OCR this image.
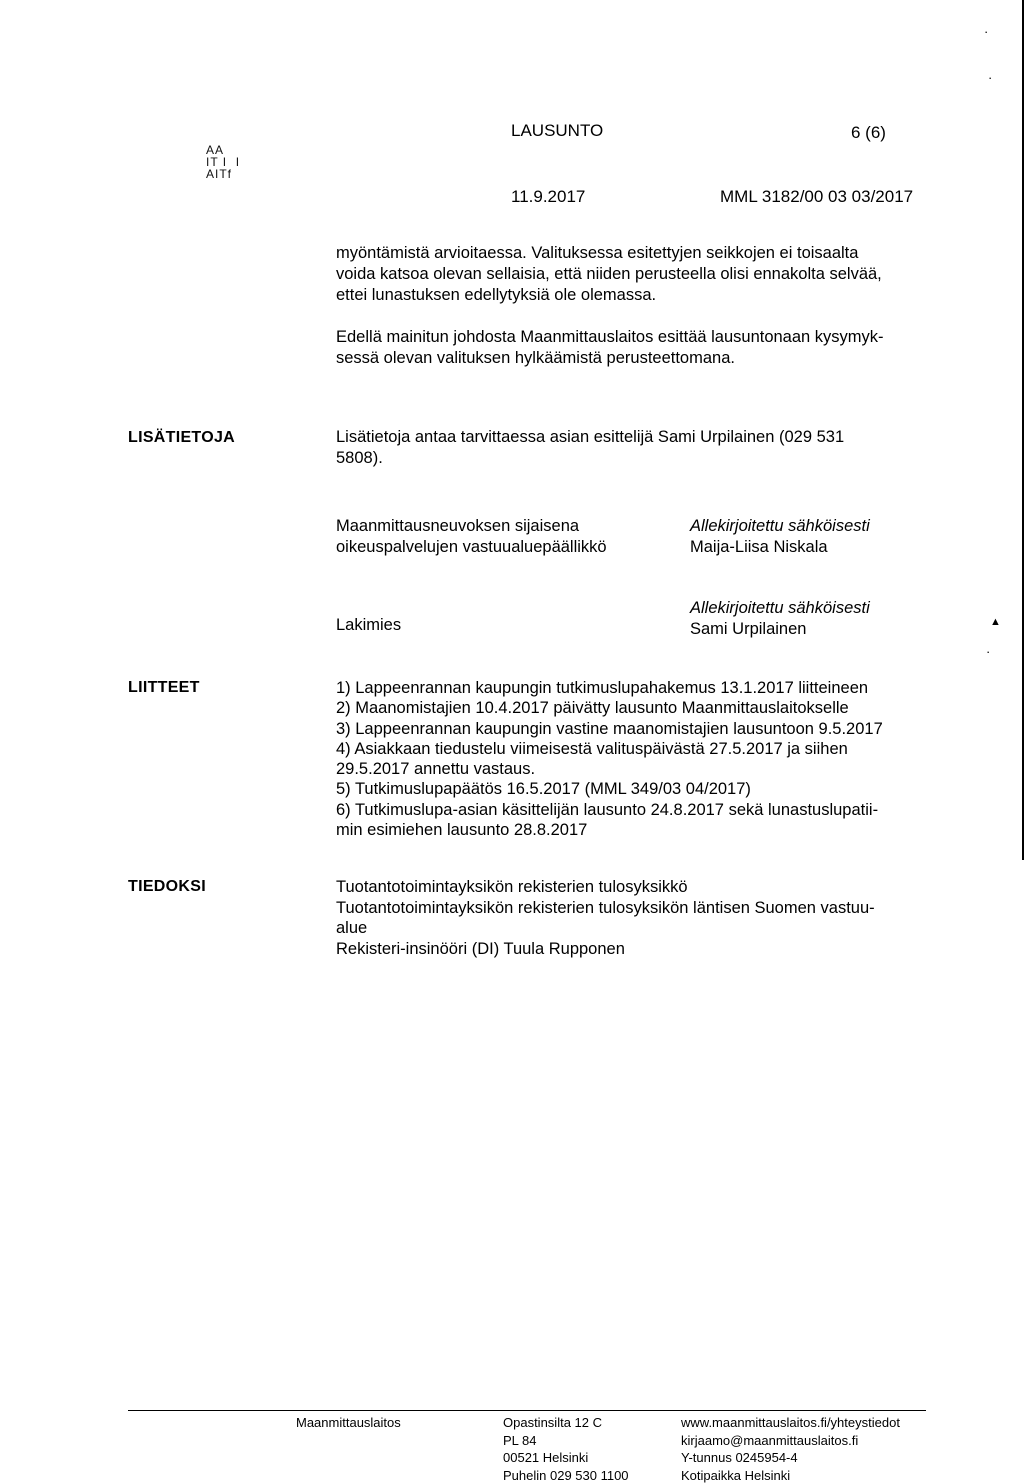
AA
IT I  I
AITf
LAUSUNTO	6 (6)
11.9.2017	MML 3182/00 03 03/2017
myöntämistä arvioitaessa. Valituksessa esitettyjen seikkojen ei toisaalta
voida katsoa olevan sellaisia, että niiden perusteella olisi ennakolta selvää,
ettei lunastuksen edellytyksiä ole olemassa.
Edellä mainitun johdosta Maanmittauslaitos esittää lausuntonaan kysymyk-
sessä olevan valituksen hylkäämistä perusteettomana.
LISÄTIETOJA	Lisätietoja antaa tarvittaessa asian esittelijä Sami Urpilainen (029 531
5808).
Maanmittausneuvoksen sijaisena
oikeuspalvelujen vastuualuepäällikkö
Allekirjoitettu sähköisesti
Maija-Liisa Niskala
Lakimies
Allekirjoitettu sähköisesti
Sami Urpilainen	▲
·
·
·
LIITTEET	1) Lappeenrannan kaupungin tutkimuslupahakemus 13.1.2017 liitteineen
2) Maanomistajien 10.4.2017 päivätty lausunto Maanmittauslaitokselle
3) Lappeenrannan kaupungin vastine maanomistajien lausuntoon 9.5.2017
4) Asiakkaan tiedustelu viimeisestä valituspäivästä 27.5.2017 ja siihen
29.5.2017 annettu vastaus.
5) Tutkimuslupapäätös 16.5.2017 (MML 349/03 04/2017)
6) Tutkimuslupa-asian käsittelijän lausunto 24.8.2017 sekä lunastuslupatii-
min esimiehen lausunto 28.8.2017
TIEDOKSI	Tuotantotoimintayksikön rekisterien tulosyksikkö
Tuotantotoimintayksikön rekisterien tulosyksikön läntisen Suomen vastuu-
alue
Rekisteri-insinööri (DI) Tuula Rupponen
Maanmittauslaitos	Opastinsilta 12 C
PL 84
00521 Helsinki
Puhelin 029 530 1100
www.maanmittauslaitos.fi/yhteystiedot
kirjaamo@maanmittauslaitos.fi
Y-tunnus 0245954-4
Kotipaikka Helsinki
